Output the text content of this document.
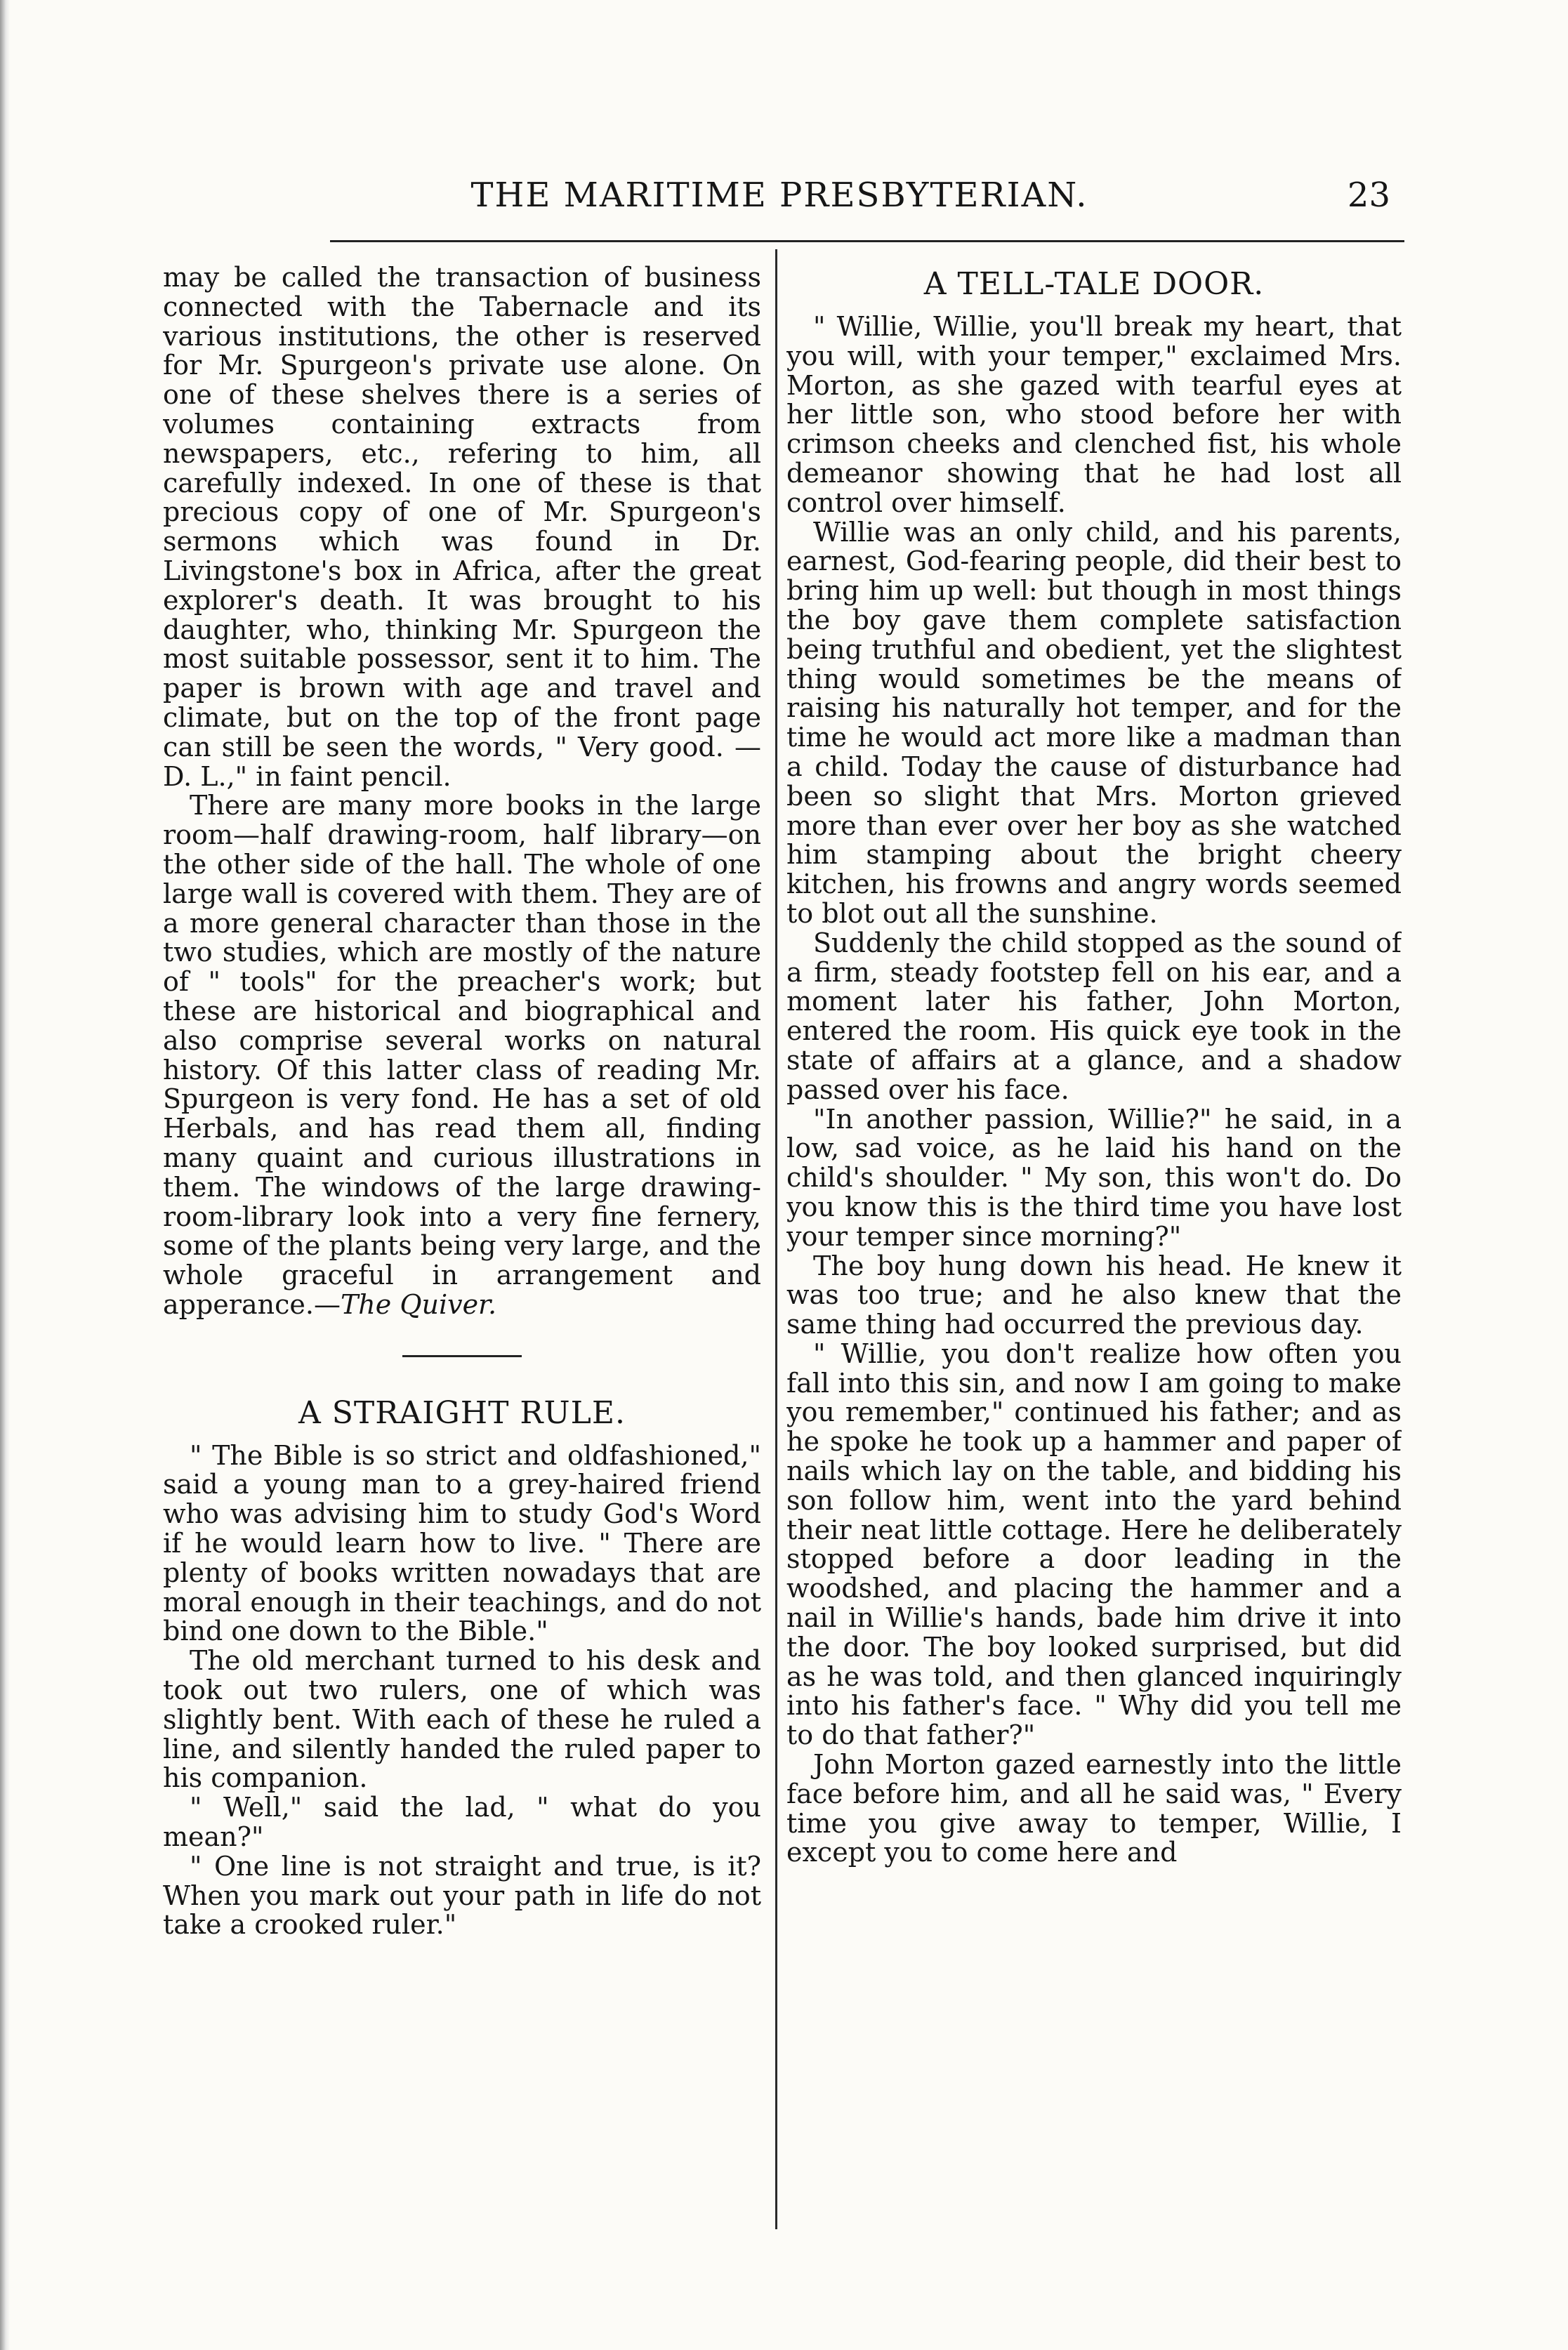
THE MARITIME PRESBYTERIAN.	23

may be called the transaction of business connected with the Tabernacle and its various institutions, the other is reserved for Mr. Spurgeon's private use alone. On one of these shelves there is a series of volumes containing extracts from newspapers, etc., refering to him, all carefully indexed. In one of these is that precious copy of one of Mr. Spurgeon's sermons which was found in Dr. Livingstone's box in Africa, after the great explorer's death. It was brought to his daughter, who, thinking Mr. Spurgeon the most suitable possessor, sent it to him. The paper is brown with age and travel and climate, but on the top of the front page can still be seen the words, " Very good. —D. L.," in faint pencil.

There are many more books in the large room—half drawing-room, half library—on the other side of the hall. The whole of one large wall is covered with them. They are of a more general character than those in the two studies, which are mostly of the nature of " tools" for the preacher's work; but these are historical and biographical and also comprise several works on natural history. Of this latter class of reading Mr. Spurgeon is very fond. He has a set of old Herbals, and has read them all, finding many quaint and curious illustrations in them. The windows of the large drawing-room-library look into a very fine fernery, some of the plants being very large, and the whole graceful in arrangement and apperance.—The Quiver.

A STRAIGHT RULE.

" The Bible is so strict and oldfashioned," said a young man to a grey-haired friend who was advising him to study God's Word if he would learn how to live. " There are plenty of books written nowadays that are moral enough in their teachings, and do not bind one down to the Bible."

The old merchant turned to his desk and took out two rulers, one of which was slightly bent. With each of these he ruled a line, and silently handed the ruled paper to his companion.

" Well," said the lad, " what do you mean?"

" One line is not straight and true, is it? When you mark out your path in life do not take a crooked ruler."

A TELL-TALE DOOR.

" Willie, Willie, you'll break my heart, that you will, with your temper," exclaimed Mrs. Morton, as she gazed with tearful eyes at her little son, who stood before her with crimson cheeks and clenched fist, his whole demeanor showing that he had lost all control over himself.

Willie was an only child, and his parents, earnest, God-fearing people, did their best to bring him up well: but though in most things the boy gave them complete satisfaction being truthful and obedient, yet the slightest thing would sometimes be the means of raising his naturally hot temper, and for the time he would act more like a madman than a child. Today the cause of disturbance had been so slight that Mrs. Morton grieved more than ever over her boy as she watched him stamping about the bright cheery kitchen, his frowns and angry words seemed to blot out all the sunshine.

Suddenly the child stopped as the sound of a firm, steady footstep fell on his ear, and a moment later his father, John Morton, entered the room. His quick eye took in the state of affairs at a glance, and a shadow passed over his face.

"In another passion, Willie?" he said, in a low, sad voice, as he laid his hand on the child's shoulder. " My son, this won't do. Do you know this is the third time you have lost your temper since morning?"

The boy hung down his head. He knew it was too true; and he also knew that the same thing had occurred the previous day.

" Willie, you don't realize how often you fall into this sin, and now I am going to make you remember," continued his father; and as he spoke he took up a hammer and paper of nails which lay on the table, and bidding his son follow him, went into the yard behind their neat little cottage. Here he deliberately stopped before a door leading in the woodshed, and placing the hammer and a nail in Willie's hands, bade him drive it into the door. The boy looked surprised, but did as he was told, and then glanced inquiringly into his father's face. " Why did you tell me to do that father?"

John Morton gazed earnestly into the little face before him, and all he said was, " Every time you give away to temper, Willie, I except you to come here and
